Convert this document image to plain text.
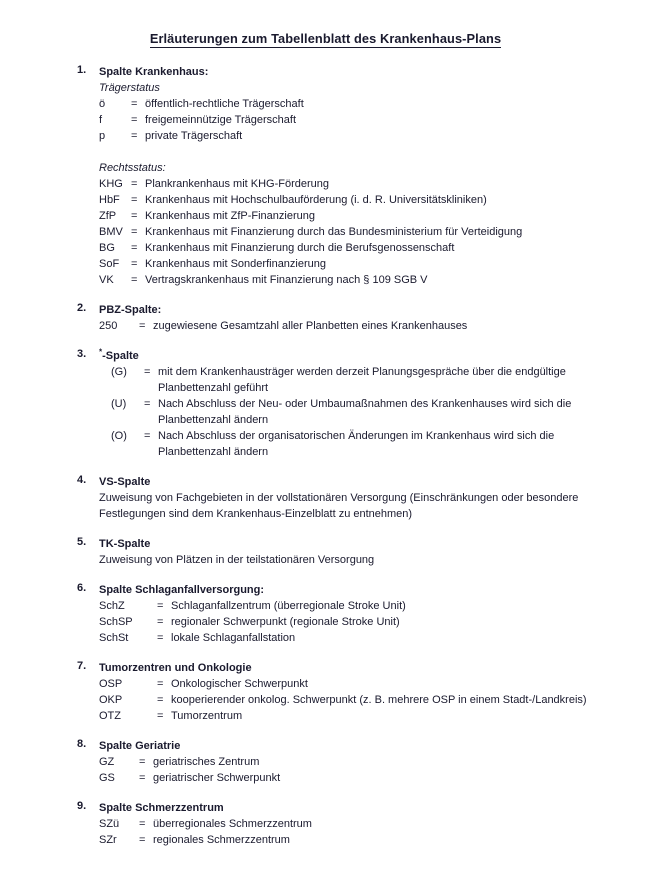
Erläuterungen zum Tabellenblatt des Krankenhaus-Plans
1.	Spalte Krankenhaus:
Trägerstatus
ö	= öffentlich-rechtliche Trägerschaft
f	= freigemeinnützige Trägerschaft
p	= private Trägerschaft
Rechtsstatus:
KHG = Plankrankenhaus mit KHG-Förderung
HbF	= Krankenhaus mit Hochschulbauförderung (i. d. R. Universitätskliniken)
ZfP	= Krankenhaus mit ZfP-Finanzierung
BMV = Krankenhaus mit Finanzierung durch das Bundesministerium für Verteidigung
BG	= Krankenhaus mit Finanzierung durch die Berufsgenossenschaft
SoF	= Krankenhaus mit Sonderfinanzierung
VK	= Vertragskrankenhaus mit Finanzierung nach § 109 SGB V
2.	PBZ-Spalte:
250	= zugewiesene Gesamtzahl aller Planbetten eines Krankenhauses
3.	*-Spalte
(G)	= mit dem Krankenhausträger werden derzeit Planungsgespräche über die endgültige Planbettenzahl geführt
(U)	= Nach Abschluss der Neu- oder Umbaumaßnahmen des Krankenhauses wird sich die Planbettenzahl ändern
(O)	= Nach Abschluss der organisatorischen Änderungen im Krankenhaus wird sich die Planbettenzahl ändern
4.	VS-Spalte
Zuweisung von Fachgebieten in der vollstationären Versorgung (Einschränkungen oder besondere Festlegungen sind dem Krankenhaus-Einzelblatt zu entnehmen)
5.	TK-Spalte
Zuweisung von Plätzen in der teilstationären Versorgung
6.	Spalte Schlaganfallversorgung:
SchZ	= Schlaganfallzentrum (überregionale Stroke Unit)
SchSP	= regionaler Schwerpunkt (regionale Stroke Unit)
SchSt	= lokale Schlaganfallstation
7.	Tumorzentren und Onkologie
OSP	= Onkologischer Schwerpunkt
OKP	= kooperierender onkolog. Schwerpunkt (z. B. mehrere OSP in einem Stadt-/Landkreis)
OTZ	= Tumorzentrum
8.	Spalte Geriatrie
GZ	= geriatrisches Zentrum
GS	= geriatrischer Schwerpunkt
9.	Spalte Schmerzzentrum
SZü	= überregionales Schmerzzentrum
SZr	= regionales Schmerzzentrum
